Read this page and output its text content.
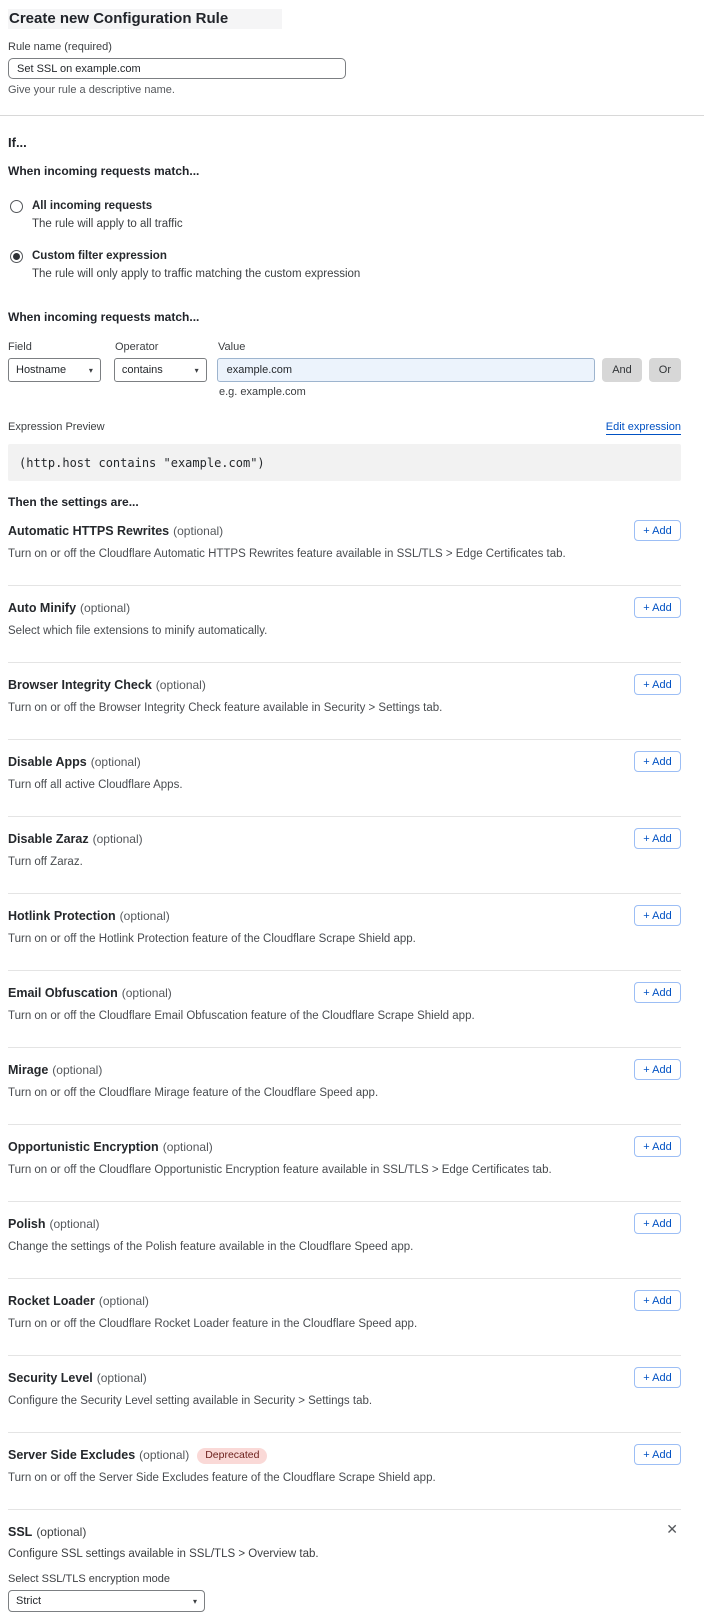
Create new Configuration Rule
Rule name (required)
Set SSL on example.com
Give your rule a descriptive name.
If...
When incoming requests match...
All incoming requests
The rule will apply to all traffic
Custom filter expression
The rule will only apply to traffic matching the custom expression
When incoming requests match...
Field	Operator	Value
Hostname	▾	contains	▾	example.com	And	Or
e.g. example.com
Expression Preview	Edit expression
(http.host contains "example.com")
Then the settings are...
Automatic HTTPS Rewrites (optional)
Turn on or off the Cloudflare Automatic HTTPS Rewrites feature available in SSL/TLS > Edge Certificates tab.
+ Add
Auto Minify (optional)
Select which file extensions to minify automatically.
+ Add
Browser Integrity Check (optional)
Turn on or off the Browser Integrity Check feature available in Security > Settings tab.
+ Add
Disable Apps (optional)
Turn off all active Cloudflare Apps.
+ Add
Disable Zaraz (optional)
Turn off Zaraz.
+ Add
Hotlink Protection (optional)
Turn on or off the Hotlink Protection feature of the Cloudflare Scrape Shield app.
+ Add
Email Obfuscation (optional)
Turn on or off the Cloudflare Email Obfuscation feature of the Cloudflare Scrape Shield app.
+ Add
Mirage (optional)
Turn on or off the Cloudflare Mirage feature of the Cloudflare Speed app.
+ Add
Opportunistic Encryption (optional)
Turn on or off the Cloudflare Opportunistic Encryption feature available in SSL/TLS > Edge Certificates tab.
+ Add
Polish (optional)
Change the settings of the Polish feature available in the Cloudflare Speed app.
+ Add
Rocket Loader (optional)
Turn on or off the Cloudflare Rocket Loader feature in the Cloudflare Speed app.
+ Add
Security Level (optional)
Configure the Security Level setting available in Security > Settings tab.
+ Add
Server Side Excludes (optional)	Deprecated
Turn on or off the Server Side Excludes feature of the Cloudflare Scrape Shield app.
+ Add
SSL (optional)	✕
Configure SSL settings available in SSL/TLS > Overview tab.
Select SSL/TLS encryption mode
Strict	▾
